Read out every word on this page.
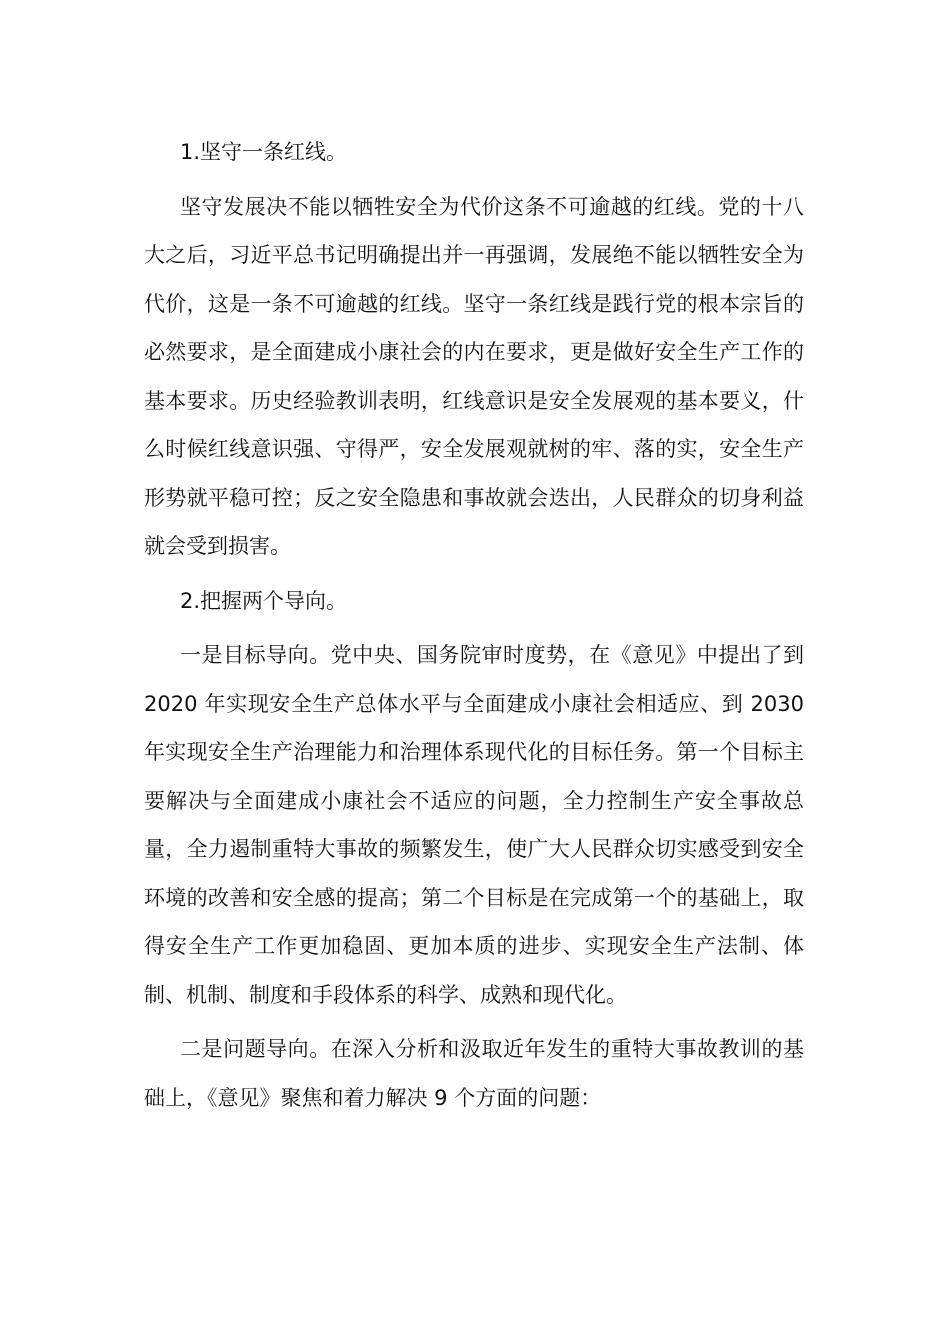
1.坚守一条红线。

坚守发展决不能以牺牲安全为代价这条不可逾越的红线。党的十八大之后，习近平总书记明确提出并一再强调，发展绝不能以牺牲安全为代价，这是一条不可逾越的红线。坚守一条红线是践行党的根本宗旨的必然要求，是全面建成小康社会的内在要求，更是做好安全生产工作的基本要求。历史经验教训表明，红线意识是安全发展观的基本要义，什么时候红线意识强、守得严，安全发展观就树的牢、落的实，安全生产形势就平稳可控；反之安全隐患和事故就会迭出，人民群众的切身利益就会受到损害。

2.把握两个导向。

一是目标导向。党中央、国务院审时度势，在《意见》中提出了到 2020 年实现安全生产总体水平与全面建成小康社会相适应、到 2030 年实现安全生产治理能力和治理体系现代化的目标任务。第一个目标主要解决与全面建成小康社会不适应的问题，全力控制生产安全事故总量，全力遏制重特大事故的频繁发生，使广大人民群众切实感受到安全环境的改善和安全感的提高；第二个目标是在完成第一个的基础上，取得安全生产工作更加稳固、更加本质的进步、实现安全生产法制、体制、机制、制度和手段体系的科学、成熟和现代化。

二是问题导向。在深入分析和汲取近年发生的重特大事故教训的基础上，《意见》聚焦和着力解决 9 个方面的问题：
